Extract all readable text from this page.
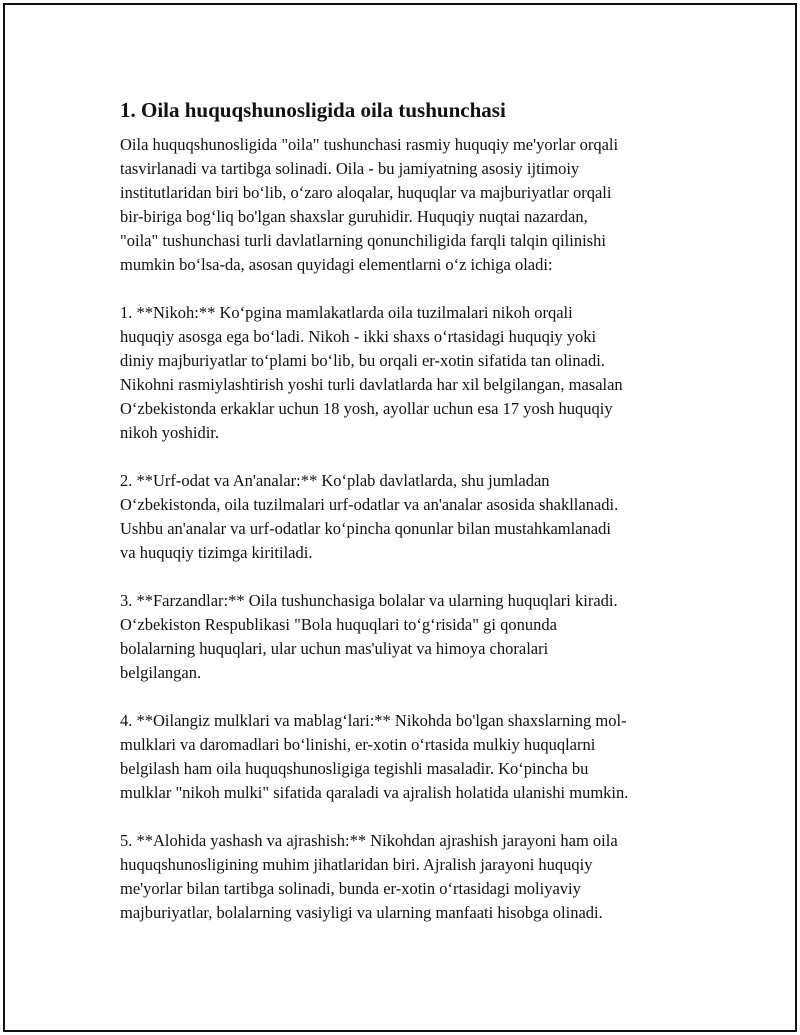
1. Oila huquqshunosligida oila tushunchasi

Oila huquqshunosligida "oila" tushunchasi rasmiy huquqiy me'yorlar orqali
tasvirlanadi va tartibga solinadi. Oila - bu jamiyatning asosiy ijtimoiy
institutlaridan biri bo‘lib, o‘zaro aloqalar, huquqlar va majburiyatlar orqali
bir-biriga bog‘liq bo'lgan shaxslar guruhidir. Huquqiy nuqtai nazardan,
"oila" tushunchasi turli davlatlarning qonunchiligida farqli talqin qilinishi
mumkin bo‘lsa-da, asosan quyidagi elementlarni o‘z ichiga oladi:

1. **Nikoh:** Ko‘pgina mamlakatlarda oila tuzilmalari nikoh orqali
huquqiy asosga ega bo‘ladi. Nikoh - ikki shaxs o‘rtasidagi huquqiy yoki
diniy majburiyatlar to‘plami bo‘lib, bu orqali er-xotin sifatida tan olinadi.
Nikohni rasmiylashtirish yoshi turli davlatlarda har xil belgilangan, masalan
O‘zbekistonda erkaklar uchun 18 yosh, ayollar uchun esa 17 yosh huquqiy
nikoh yoshidir.

2. **Urf-odat va An'analar:** Ko‘plab davlatlarda, shu jumladan
O‘zbekistonda, oila tuzilmalari urf-odatlar va an'analar asosida shakllanadi.
Ushbu an'analar va urf-odatlar ko‘pincha qonunlar bilan mustahkamlanadi
va huquqiy tizimga kiritiladi.

3. **Farzandlar:** Oila tushunchasiga bolalar va ularning huquqlari kiradi.
O‘zbekiston Respublikasi "Bola huquqlari to‘g‘risida" gi qonunda
bolalarning huquqlari, ular uchun mas'uliyat va himoya choralari
belgilangan.

4. **Oilangiz mulklari va mablag‘lari:** Nikohda bo'lgan shaxslarning mol-
mulklari va daromadlari bo‘linishi, er-xotin o‘rtasida mulkiy huquqlarni
belgilash ham oila huquqshunosligiga tegishli masaladir. Ko‘pincha bu
mulklar "nikoh mulki" sifatida qaraladi va ajralish holatida ulanishi mumkin.

5. **Alohida yashash va ajrashish:** Nikohdan ajrashish jarayoni ham oila
huquqshunosligining muhim jihatlaridan biri. Ajralish jarayoni huquqiy
me'yorlar bilan tartibga solinadi, bunda er-xotin o‘rtasidagi moliyaviy
majburiyatlar, bolalarning vasiyligi va ularning manfaati hisobga olinadi.
